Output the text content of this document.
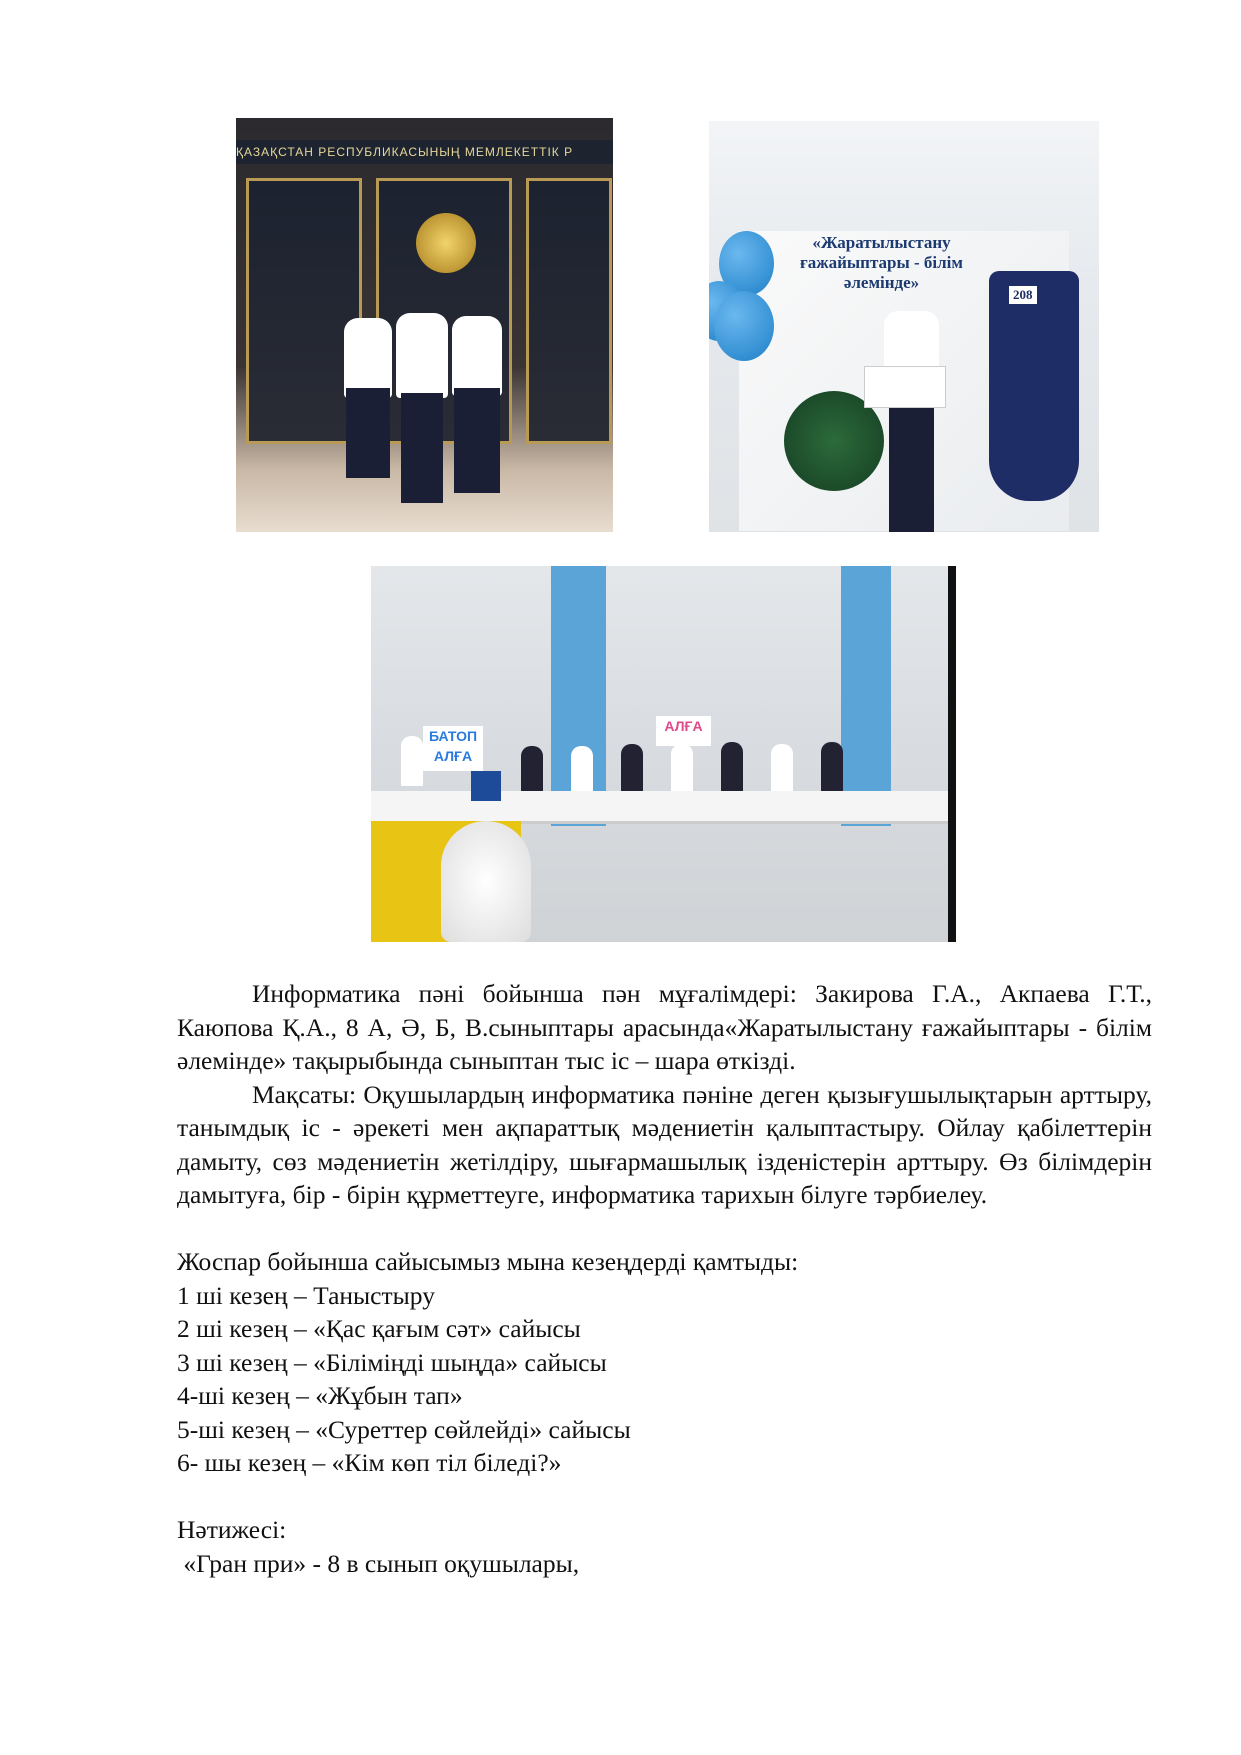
ҚАЗАҚСТАН РЕСПУБЛИКАСЫНЫҢ МЕМЛЕКЕТТІК Р
208
«Жаратылыстану ғажайыптары - білім әлемінде»
БАТОП АЛҒА
АЛҒА

Информатика пәні бойынша пән мұғалімдері: Закирова Г.А., Акпаева Г.Т., Каюпова Қ.А., 8 А, Ә, Б, В.сыныптары арасында«Жаратылыстану ғажайыптары - білім әлемінде» тақырыбында сыныптан тыс іс – шара өткізді.

Мақсаты: Оқушылардың информатика пәніне деген қызығушылықтарын арттыру, танымдық іс - әрекеті мен ақпараттық мәдениетін қалыптастыру. Ойлау қабілеттерін дамыту, сөз мәдениетін жетілдіру, шығармашылық ізденістерін арттыру. Өз білімдерін дамытуға, бір - бірін құрметтеуге, информатика тарихын білуге тәрбиелеу.

Жоспар бойынша сайысымыз мына кезеңдерді қамтыды:

1 ші кезең – Таныстыру

2 ші кезең – «Қас қағым сәт» сайысы

3 ші кезең – «Біліміңді шыңда» сайысы

4-ші кезең – «Жұбын тап»

5-ші кезең – «Суреттер сөйлейді» сайысы

6- шы кезең – «Кім көп тіл біледі?»

Нәтижесі:

«Гран при» - 8 в сынып оқушылары,
